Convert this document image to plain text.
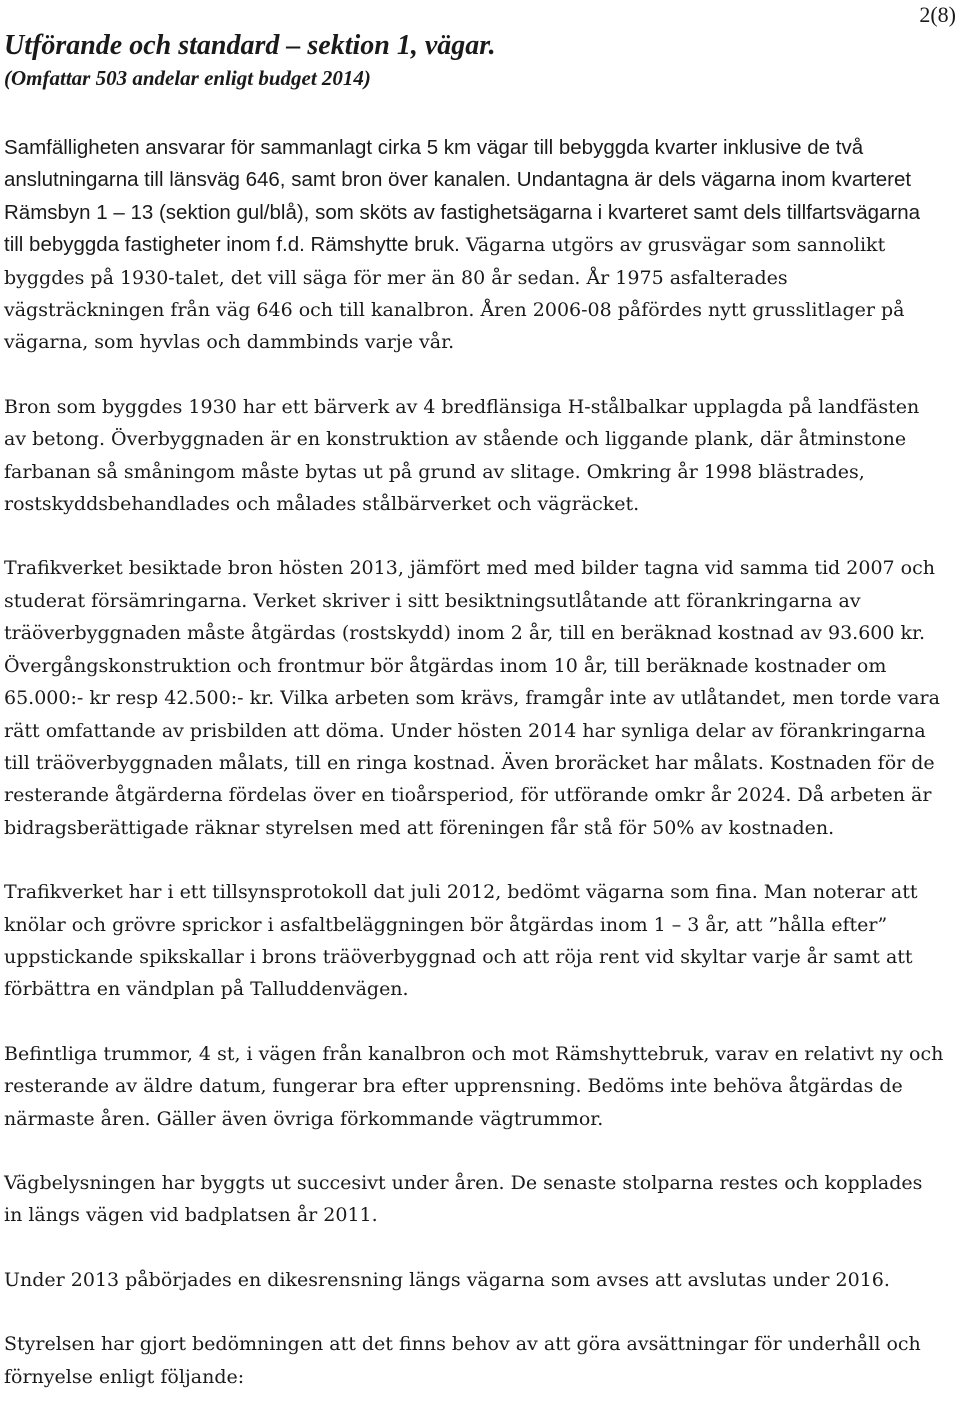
2(8)
Utförande och standard – sektion 1, vägar.
(Omfattar 503 andelar enligt budget 2014)

Samfälligheten ansvarar för sammanlagt cirka 5 km vägar till bebyggda kvarter inklusive de två anslutningarna till länsväg 646, samt bron över kanalen. Undantagna är dels vägarna inom kvarteret Rämsbyn 1 – 13 (sektion gul/blå), som sköts av fastighetsägarna i kvarteret samt dels tillfartsvägarna till bebyggda fastigheter inom f.d. Rämshytte bruk. Vägarna utgörs av grusvägar som sannolikt byggdes på 1930-talet, det vill säga för mer än 80 år sedan. År 1975 asfalterades vägsträckningen från väg 646 och till kanalbron. Åren 2006-08 påfördes nytt grusslitlager på vägarna, som hyvlas och dammbinds varje vår.

Bron som byggdes 1930 har ett bärverk av 4 bredflänsiga H-stålbalkar upplagda på landfästen av betong. Överbyggnaden är en konstruktion av stående och liggande plank, där åtminstone farbanan så småningom måste bytas ut på grund av slitage. Omkring år 1998 blästrades, rostskyddsbehandlades och målades stålbärverket och vägräcket.

Trafikverket besiktade bron hösten 2013, jämfört med med bilder tagna vid samma tid 2007 och studerat försämringarna. Verket skriver i sitt besiktningsutlåtande att förankringarna av träöverbyggnaden måste åtgärdas (rostskydd) inom 2 år, till en beräknad kostnad av 93.600 kr. Övergångskonstruktion och frontmur bör åtgärdas inom 10 år, till beräknade kostnader om 65.000:- kr resp 42.500:- kr. Vilka arbeten som krävs, framgår inte av utlåtandet, men torde vara rätt omfattande av prisbilden att döma. Under hösten 2014 har synliga delar av förankringarna till träöverbyggnaden målats, till en ringa kostnad. Även broräcket har målats. Kostnaden för de resterande åtgärderna fördelas över en tioårsperiod, för utförande omkr år 2024. Då arbeten är bidragsberättigade räknar styrelsen med att föreningen får stå för 50% av kostnaden.

Trafikverket har i ett tillsynsprotokoll dat juli 2012, bedömt vägarna som fina. Man noterar att knölar och grövre sprickor i asfaltbeläggningen bör åtgärdas inom 1 – 3 år, att ”hålla efter” uppstickande spikskallar i brons träöverbyggnad och att röja rent vid skyltar varje år samt att förbättra en vändplan på Talluddenvägen.

Befintliga trummor, 4 st, i vägen från kanalbron och mot Rämshyttebruk, varav en relativt ny och resterande av äldre datum, fungerar bra efter upprensning. Bedöms inte behöva åtgärdas de närmaste åren. Gäller även övriga förkommande vägtrummor.

Vägbelysningen har byggts ut succesivt under åren. De senaste stolparna restes och kopplades in längs vägen vid badplatsen år 2011.

Under 2013 påbörjades en dikesrensning längs vägarna som avses att avslutas under 2016.

Styrelsen har gjort bedömningen att det finns behov av att göra avsättningar för underhåll och förnyelse enligt följande:
